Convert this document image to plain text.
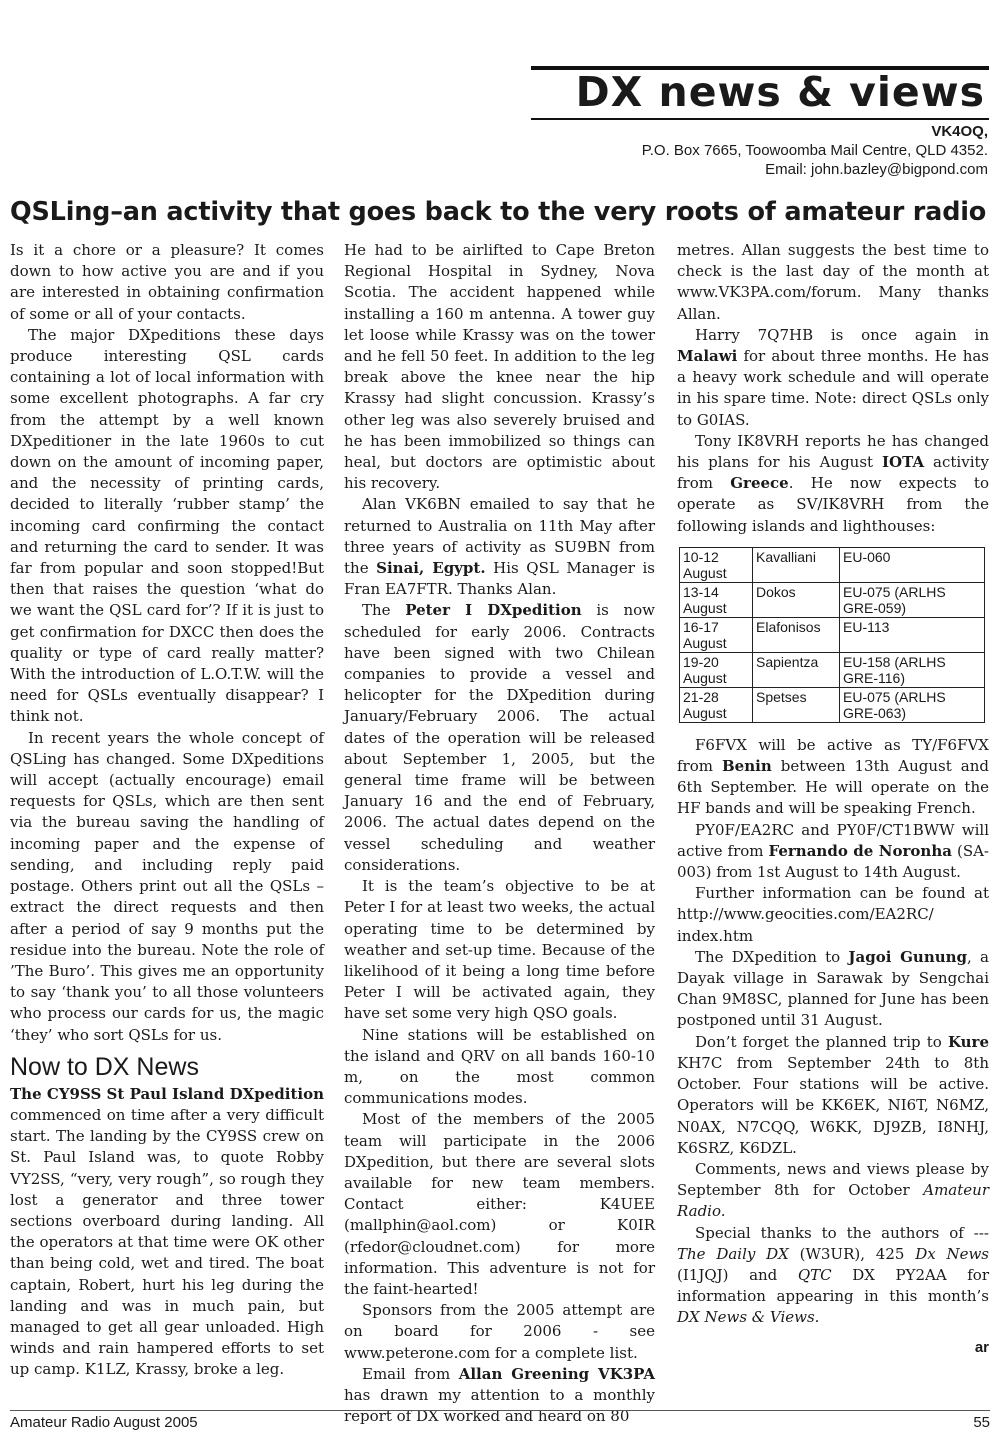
DX news & views
VK4OQ,
P.O. Box 7665, Toowoomba Mail Centre, QLD 4352.
Email: john.bazley@bigpond.com
QSLing–an activity that goes back to the very roots of amateur radio

Is it a chore or a pleasure? It comes down to how active you are and if you are interested in obtaining confirmation of some or all of your contacts.

The major DXpeditions these days produce interesting QSL cards containing a lot of local information with some excellent photographs. A far cry from the attempt by a well known DXpeditioner in the late 1960s to cut down on the amount of incoming paper, and the necessity of printing cards, decided to literally ‘rubber stamp’ the incoming card confirming the contact and returning the card to sender. It was far from popular and soon stopped!But then that raises the question ‘what do we want the QSL card for’? If it is just to get confirmation for DXCC then does the quality or type of card really matter? With the introduction of L.O.T.W. will the need for QSLs eventually disappear? I think not.

In recent years the whole concept of QSLing has changed. Some DXpeditions will accept (actually encourage) email requests for QSLs, which are then sent via the bureau saving the handling of incoming paper and the expense of sending, and including reply paid postage. Others print out all the QSLs – extract the direct requests and then after a period of say 9 months put the residue into the bureau. Note the role of ’The Buro’. This gives me an opportunity to say ‘thank you’ to all those volunteers who process our cards for us, the magic ‘they’ who sort QSLs for us.

Now to DX News

The CY9SS St Paul Island DXpedition commenced on time after a very difficult start. The landing by the CY9SS crew on St. Paul Island was, to quote Robby VY2SS, “very, very rough”, so rough they lost a generator and three tower sections overboard during landing. All the operators at that time were OK other than being cold, wet and tired. The boat captain, Robert, hurt his leg during the landing and was in much pain, but managed to get all gear unloaded. High winds and rain hampered efforts to set up camp. K1LZ, Krassy, broke a leg.

He had to be airlifted to Cape Breton Regional Hospital in Sydney, Nova Scotia. The accident happened while installing a 160 m antenna. A tower guy let loose while Krassy was on the tower and he fell 50 feet. In addition to the leg break above the knee near the hip Krassy had slight concussion. Krassy’s other leg was also severely bruised and he has been immobilized so things can heal, but doctors are optimistic about his recovery.

Alan VK6BN emailed to say that he returned to Australia on 11th May after three years of activity as SU9BN from the Sinai, Egypt. His QSL Manager is Fran EA7FTR. Thanks Alan.

The Peter I DXpedition is now scheduled for early 2006. Contracts have been signed with two Chilean companies to provide a vessel and helicopter for the DXpedition during January/February 2006. The actual dates of the operation will be released about September 1, 2005, but the general time frame will be between January 16 and the end of February, 2006. The actual dates depend on the vessel scheduling and weather considerations.

It is the team’s objective to be at Peter I for at least two weeks, the actual operating time to be determined by weather and set-up time. Because of the likelihood of it being a long time before Peter I will be activated again, they have set some very high QSO goals.

Nine stations will be established on the island and QRV on all bands 160-10 m, on the most common communications modes.

Most of the members of the 2005 team will participate in the 2006 DXpedition, but there are several slots available for new team members. Contact either: K4UEE (mallphin@aol.com) or K0IR (rfedor@cloudnet.com) for more information. This adventure is not for the faint-hearted!

Sponsors from the 2005 attempt are on board for 2006 - see www.peterone.com for a complete list.

Email from Allan Greening VK3PA has drawn my attention to a monthly report of DX worked and heard on 80

metres. Allan suggests the best time to check is the last day of the month at www.VK3PA.com/forum. Many thanks Allan.

Harry 7Q7HB is once again in Malawi for about three months. He has a heavy work schedule and will operate in his spare time. Note: direct QSLs only to G0IAS.

Tony IK8VRH reports he has changed his plans for his August IOTA activity from Greece. He now expects to operate as SV/IK8VRH from the following islands and lighthouses:

10-12 August	Kavalliani	EU-060
13-14 August	Dokos	EU-075 (ARLHS GRE-059)
16-17 August	Elafonisos	EU-113
19-20 August	Sapientza	EU-158 (ARLHS GRE-116)
21-28 August	Spetses	EU-075 (ARLHS GRE-063)

F6FVX will be active as TY/F6FVX from Benin between 13th August and 6th September. He will operate on the HF bands and will be speaking French.

PY0F/EA2RC and PY0F/CT1BWW will active from Fernando de Noronha (SA-003) from 1st August to 14th August.

Further information can be found at http://www.geocities.com/EA2RC/ index.htm

The DXpedition to Jagoi Gunung, a Dayak village in Sarawak by Sengchai Chan 9M8SC, planned for June has been postponed until 31 August.

Don’t forget the planned trip to Kure KH7C from September 24th to 8th October. Four stations will be active. Operators will be KK6EK, NI6T, N6MZ, N0AX, N7CQQ, W6KK, DJ9ZB, I8NHJ, K6SRZ, K6DZL.

Comments, news and views please by September 8th for October Amateur Radio.

Special thanks to the authors of --- The Daily DX (W3UR), 425 Dx News (I1JQJ) and QTC DX PY2AA for information appearing in this month’s DX News & Views.

ar
Amateur Radio August 2005	55
